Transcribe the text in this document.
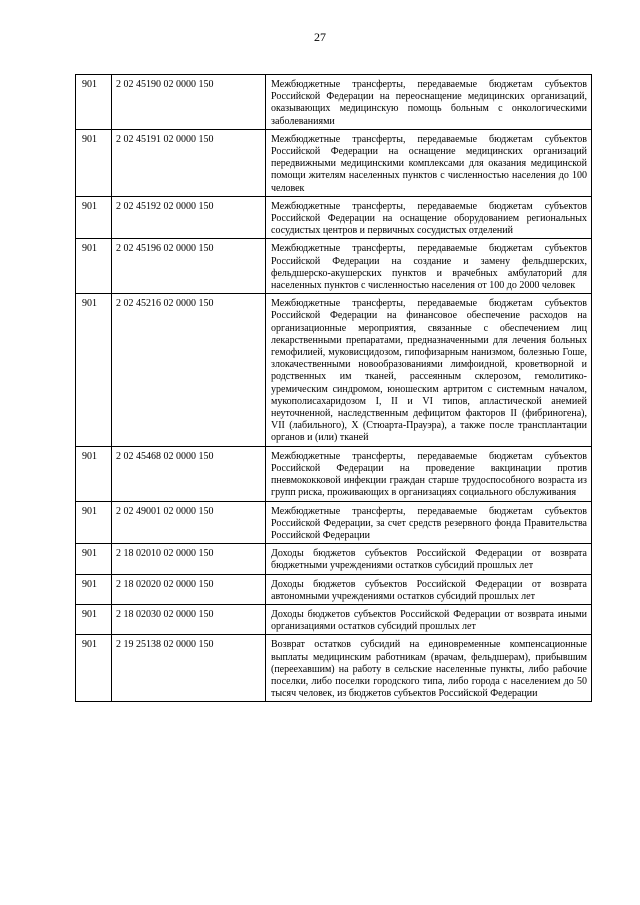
27
901	2 02 45190 02 0000 150	Межбюджетные трансферты, передаваемые бюджетам субъектов Российской Федерации на переоснащение медицинских организаций, оказывающих медицинскую помощь больным с онкологическими заболеваниями
901	2 02 45191 02 0000 150	Межбюджетные трансферты, передаваемые бюджетам субъектов Российской Федерации на оснащение медицинских организаций передвижными медицинскими комплексами для оказания медицинской помощи жителям населенных пунктов с численностью населения до 100 человек
901	2 02 45192 02 0000 150	Межбюджетные трансферты, передаваемые бюджетам субъектов Российской Федерации на оснащение оборудованием региональных сосудистых центров и первичных сосудистых отделений
901	2 02 45196 02 0000 150	Межбюджетные трансферты, передаваемые бюджетам субъектов Российской Федерации на создание и замену фельдшерских, фельдшерско-акушерских пунктов и врачебных амбулаторий для населенных пунктов с численностью населения от 100 до 2000 человек
901	2 02 45216 02 0000 150	Межбюджетные трансферты, передаваемые бюджетам субъектов Российской Федерации на финансовое обеспечение расходов на организационные мероприятия, связанные с обеспечением лиц лекарственными препаратами, предназначенными для лечения больных гемофилией, муковисцидозом, гипофизарным нанизмом, болезнью Гоше, злокачественными новообразованиями лимфоидной, кроветворной и родственных им тканей, рассеянным склерозом, гемолитико-уремическим синдромом, юношеским артритом с системным началом, мукополисахаридозом I, II и VI типов, апластической анемией неуточненной, наследственным дефицитом факторов II (фибриногена), VII (лабильного), X (Стюарта-Прауэра), а также после трансплантации органов и (или) тканей
901	2 02 45468 02 0000 150	Межбюджетные трансферты, передаваемые бюджетам субъектов Российской Федерации на проведение вакцинации против пневмококковой инфекции граждан старше трудоспособного возраста из групп риска, проживающих в организациях социального обслуживания
901	2 02 49001 02 0000 150	Межбюджетные трансферты, передаваемые бюджетам субъектов Российской Федерации, за счет средств резервного фонда Правительства Российской Федерации
901	2 18 02010 02 0000 150	Доходы бюджетов субъектов Российской Федерации от возврата бюджетными учреждениями остатков субсидий прошлых лет
901	2 18 02020 02 0000 150	Доходы бюджетов субъектов Российской Федерации от возврата автономными учреждениями остатков субсидий прошлых лет
901	2 18 02030 02 0000 150	Доходы бюджетов субъектов Российской Федерации от возврата иными организациями остатков субсидий прошлых лет
901	2 19 25138 02 0000 150	Возврат остатков субсидий на единовременные компенсационные выплаты медицинским работникам (врачам, фельдшерам), прибывшим (переехавшим) на работу в сельские населенные пункты, либо рабочие поселки, либо поселки городского типа, либо города с населением до 50 тысяч человек, из бюджетов субъектов Российской Федерации
